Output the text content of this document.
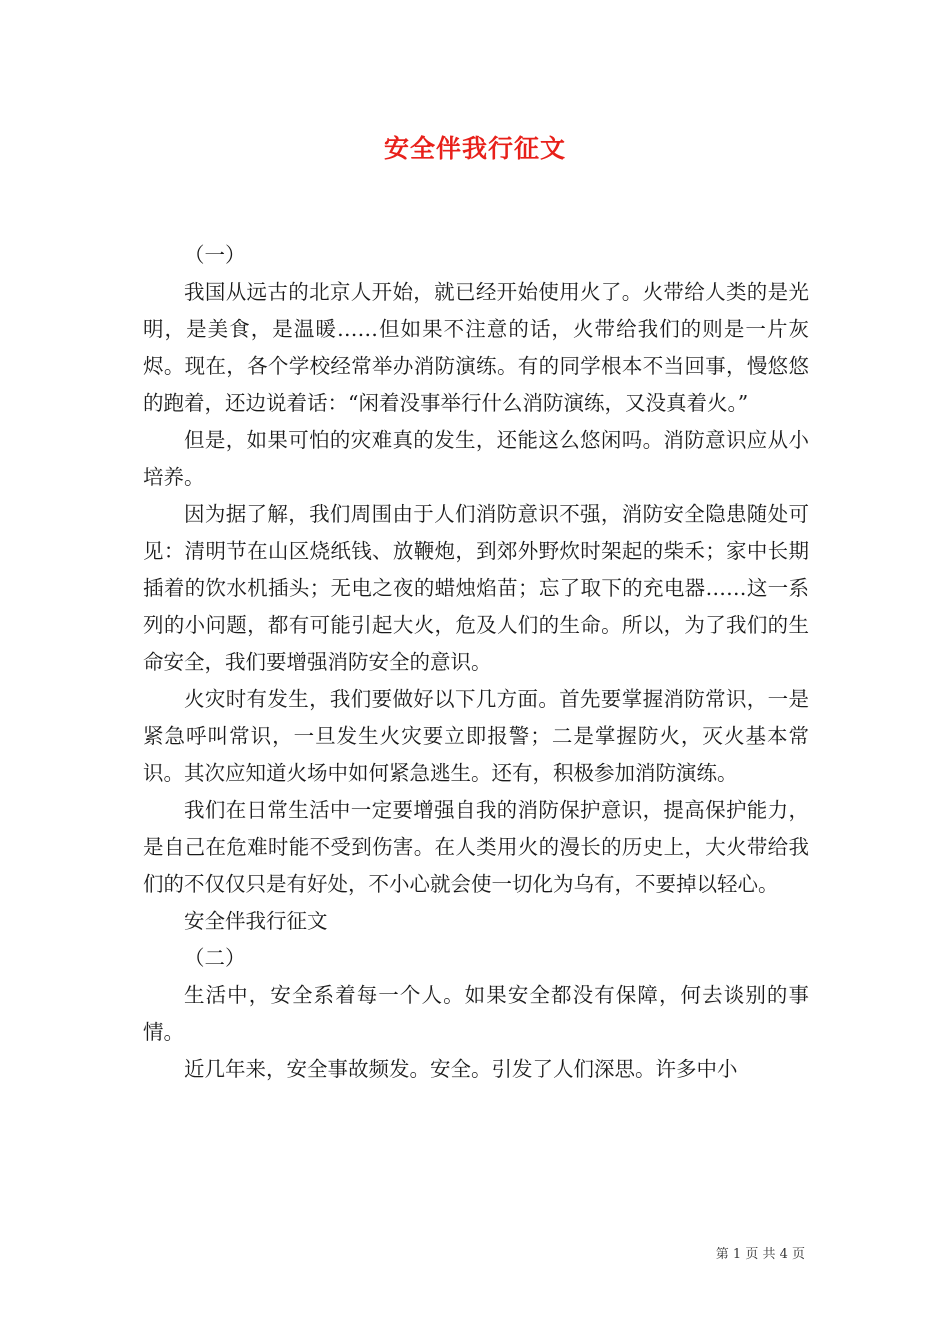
安全伴我行征文

（一）

我国从远古的北京人开始，就已经开始使用火了。火带给人类的是光明，是美食，是温暖……但如果不注意的话，火带给我们的则是一片灰烬。现在，各个学校经常举办消防演练。有的同学根本不当回事，慢悠悠的跑着，还边说着话：“闲着没事举行什么消防演练，又没真着火。”

但是，如果可怕的灾难真的发生，还能这么悠闲吗。消防意识应从小培养。

因为据了解，我们周围由于人们消防意识不强，消防安全隐患随处可见：清明节在山区烧纸钱、放鞭炮，到郊外野炊时架起的柴禾；家中长期插着的饮水机插头；无电之夜的蜡烛焰苗；忘了取下的充电器……这一系列的小问题，都有可能引起大火，危及人们的生命。所以，为了我们的生命安全，我们要增强消防安全的意识。

火灾时有发生，我们要做好以下几方面。首先要掌握消防常识，一是紧急呼叫常识，一旦发生火灾要立即报警；二是掌握防火，灭火基本常识。其次应知道火场中如何紧急逃生。还有，积极参加消防演练。

我们在日常生活中一定要增强自我的消防保护意识，提高保护能力，是自己在危难时能不受到伤害。在人类用火的漫长的历史上，大火带给我们的不仅仅只是有好处，不小心就会使一切化为乌有，不要掉以轻心。

安全伴我行征文

（二）

生活中，安全系着每一个人。如果安全都没有保障，何去谈别的事情。

近几年来，安全事故频发。安全。引发了人们深思。许多中小

第 1 页 共 4 页
